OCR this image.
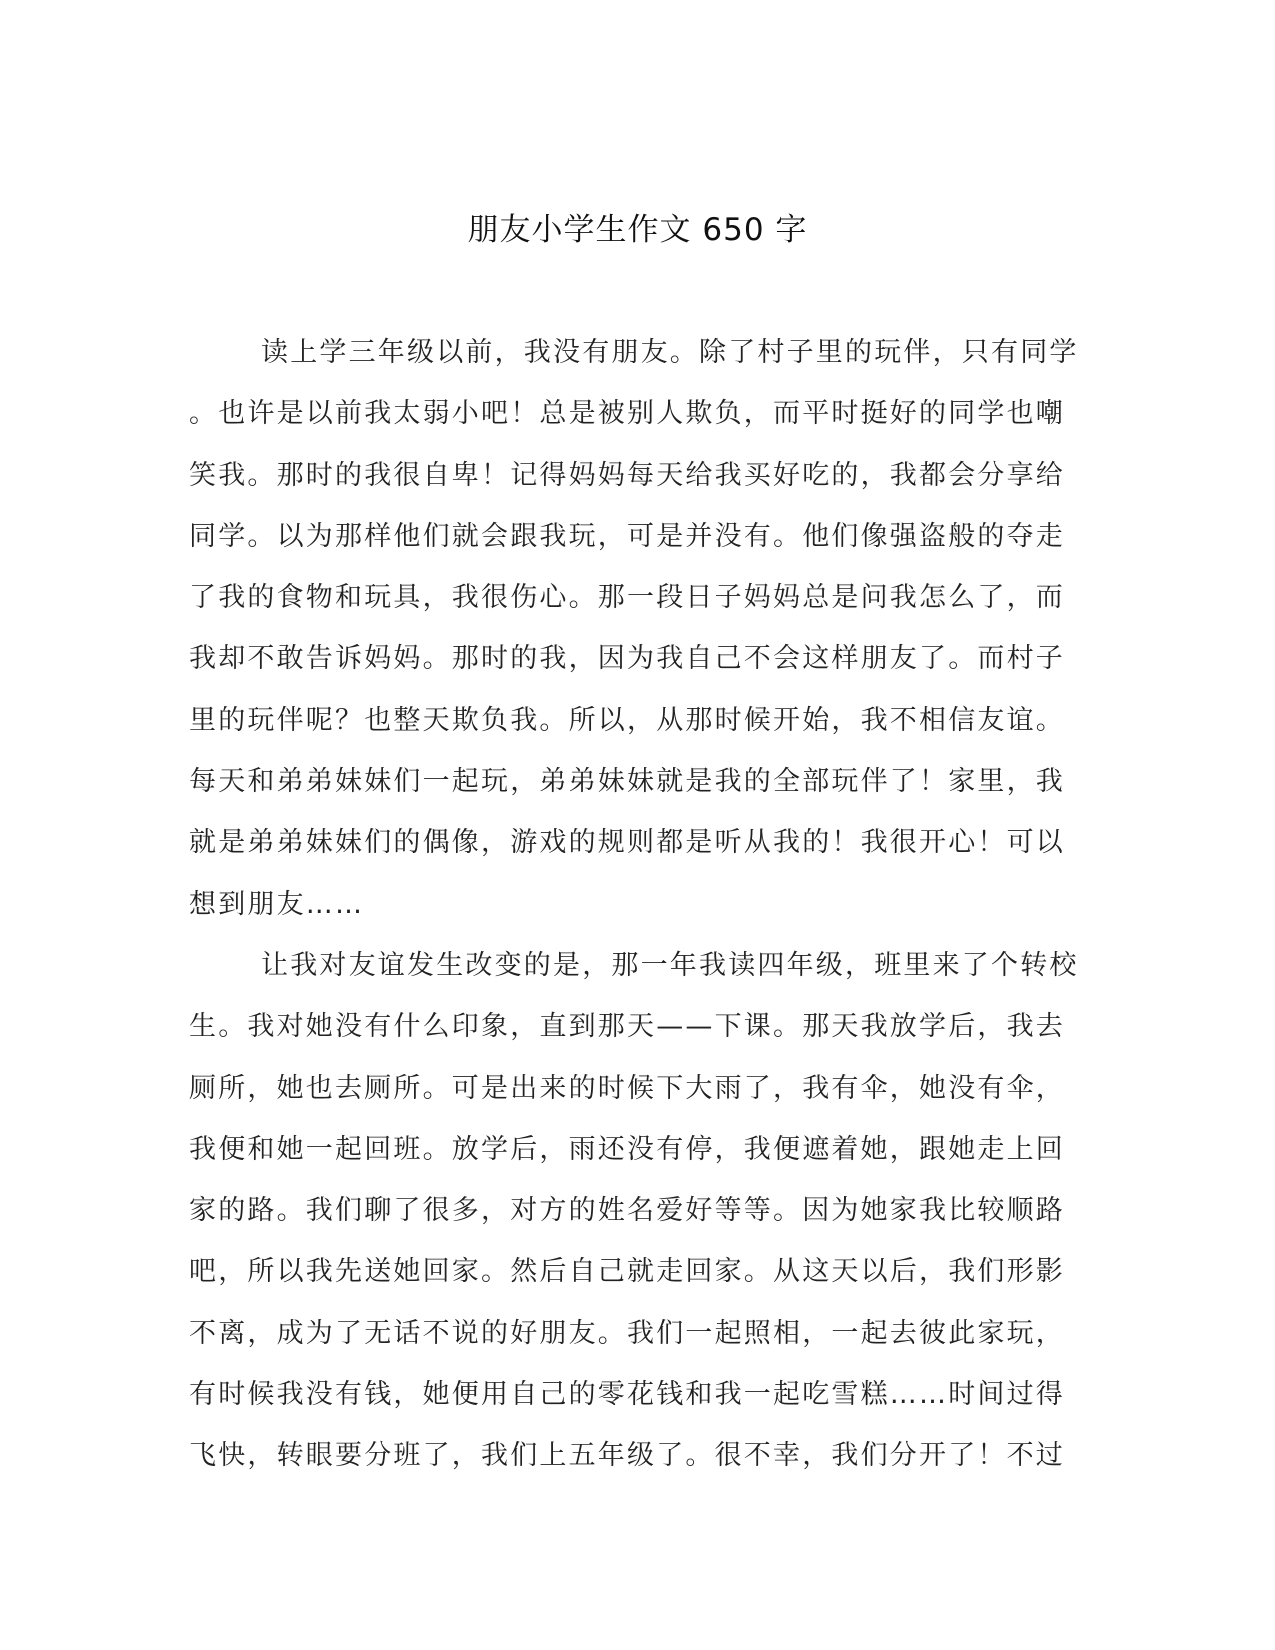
朋友小学生作文 650 字
读上学三年级以前，我没有朋友。除了村子里的玩伴，只有同学
。也许是以前我太弱小吧！总是被别人欺负，而平时挺好的同学也嘲
笑我。那时的我很自卑！记得妈妈每天给我买好吃的，我都会分享给
同学。以为那样他们就会跟我玩，可是并没有。他们像强盗般的夺走
了我的食物和玩具，我很伤心。那一段日子妈妈总是问我怎么了，而
我却不敢告诉妈妈。那时的我，因为我自己不会这样朋友了。而村子
里的玩伴呢？也整天欺负我。所以，从那时候开始，我不相信友谊。
每天和弟弟妹妹们一起玩，弟弟妹妹就是我的全部玩伴了！家里，我
就是弟弟妹妹们的偶像，游戏的规则都是听从我的！我很开心！可以
想到朋友……
让我对友谊发生改变的是，那一年我读四年级，班里来了个转校
生。我对她没有什么印象，直到那天——下课。那天我放学后，我去
厕所，她也去厕所。可是出来的时候下大雨了，我有伞，她没有伞，
我便和她一起回班。放学后，雨还没有停，我便遮着她，跟她走上回
家的路。我们聊了很多，对方的姓名爱好等等。因为她家我比较顺路
吧，所以我先送她回家。然后自己就走回家。从这天以后，我们形影
不离，成为了无话不说的好朋友。我们一起照相，一起去彼此家玩，
有时候我没有钱，她便用自己的零花钱和我一起吃雪糕……时间过得
飞快，转眼要分班了，我们上五年级了。很不幸，我们分开了！不过
